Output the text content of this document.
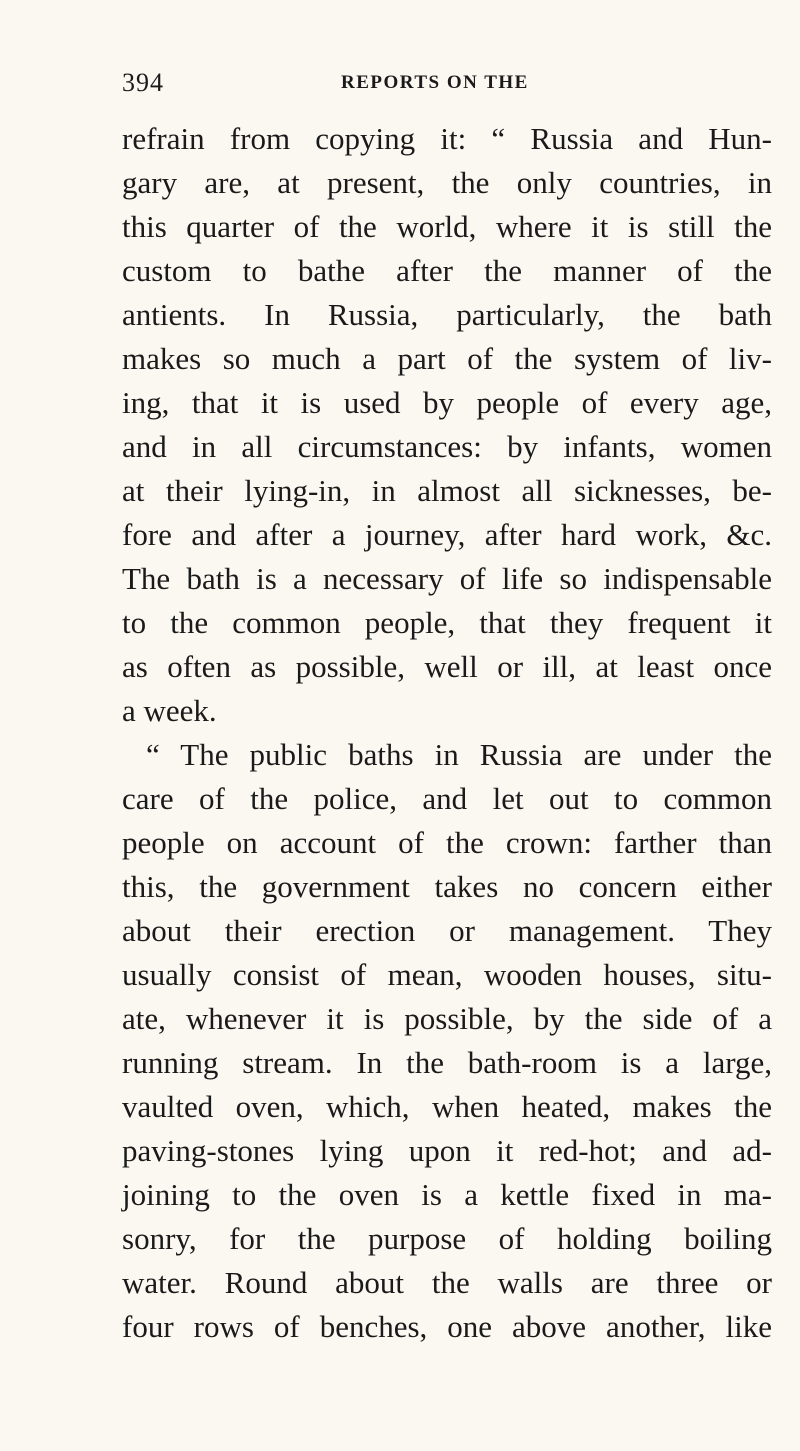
394	REPORTS ON THE
refrain from copying it: “ Russia and Hun-
gary are, at present, the only countries, in
this quarter of the world, where it is still the
custom to bathe after the manner of the
antients. In Russia, particularly, the bath
makes so much a part of the system of liv-
ing, that it is used by people of every age,
and in all circumstances: by infants, women
at their lying-in, in almost all sicknesses, be-
fore and after a journey, after hard work, &c.
The bath is a necessary of life so indispensable
to the common people, that they frequent it
as often as possible, well or ill, at least once
a week.
“ The public baths in Russia are under the
care of the police, and let out to common
people on account of the crown: farther than
this, the government takes no concern either
about their erection or management. They
usually consist of mean, wooden houses, situ-
ate, whenever it is possible, by the side of a
running stream. In the bath-room is a large,
vaulted oven, which, when heated, makes the
paving-stones lying upon it red-hot; and ad-
joining to the oven is a kettle fixed in ma-
sonry, for the purpose of holding boiling
water. Round about the walls are three or
four rows of benches, one above another, like
